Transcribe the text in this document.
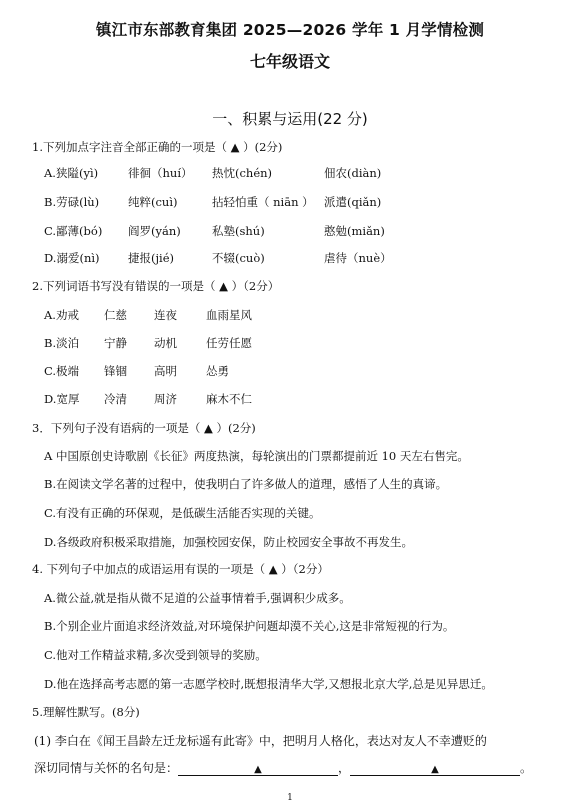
镇江市东部教育集团 2025—2026 学年 1 月学情检测
七年级语文
一、积累与运用(22 分)
1.下列加点字注音全部正确的一项是（ ▲ ）(2分)
A.狭隘(yì)	徘徊（huí） 热忱(chén)	佃农(diàn)
B.劳碌(lù)	纯粹(cuì)	拈轻怕重（ niān ） 派遣(qiǎn)
C.鄙薄(bó) 阎罗(yán)	私塾(shú)	憨勉(miǎn)
D.溺爱(nì) 捷报(jié)	不辍(cuò)	虐待（nuè）
2.下列词语书写没有错误的一项是（ ▲ ）（2分）
A.劝戒 仁慈 连夜	血雨星风
B.淡泊 宁静 动机	任劳任愿
C.极端 锋锢 高明	怂勇
D.宽厚 冷清 周济	麻木不仁
3．下列句子没有语病的一项是（ ▲ ）(2分)
A 中国原创史诗歌剧《长征》两度热演，每轮演出的门票都提前近 10 天左右售完。
B.在阅读文学名著的过程中，使我明白了许多做人的道理，感悟了人生的真谛。
C.有没有正确的环保观，是低碳生活能否实现的关键。
D.各级政府积极采取措施，加强校园安保，防止校园安全事故不再发生。
4. 下列句子中加点的成语运用有误的一项是（ ▲ ）（2分）
A.微公益,就是指从微不足道的公益事情着手,强调积少成多。
B.个别企业片面追求经济效益,对环境保护问题却漠不关心,这是非常短视的行为。
C.他对工作精益求精,多次受到领导的奖励。
D.他在选择高考志愿的第一志愿学校时,既想报清华大学,又想报北京大学,总是见异思迁。
5.理解性默写。(8分)
(1) 李白在《闻王昌龄左迁龙标遥有此寄》中，把明月人格化，表达对友人不幸遭贬的
深切同情与关怀的名句是：	▲	，	▲	。
1
